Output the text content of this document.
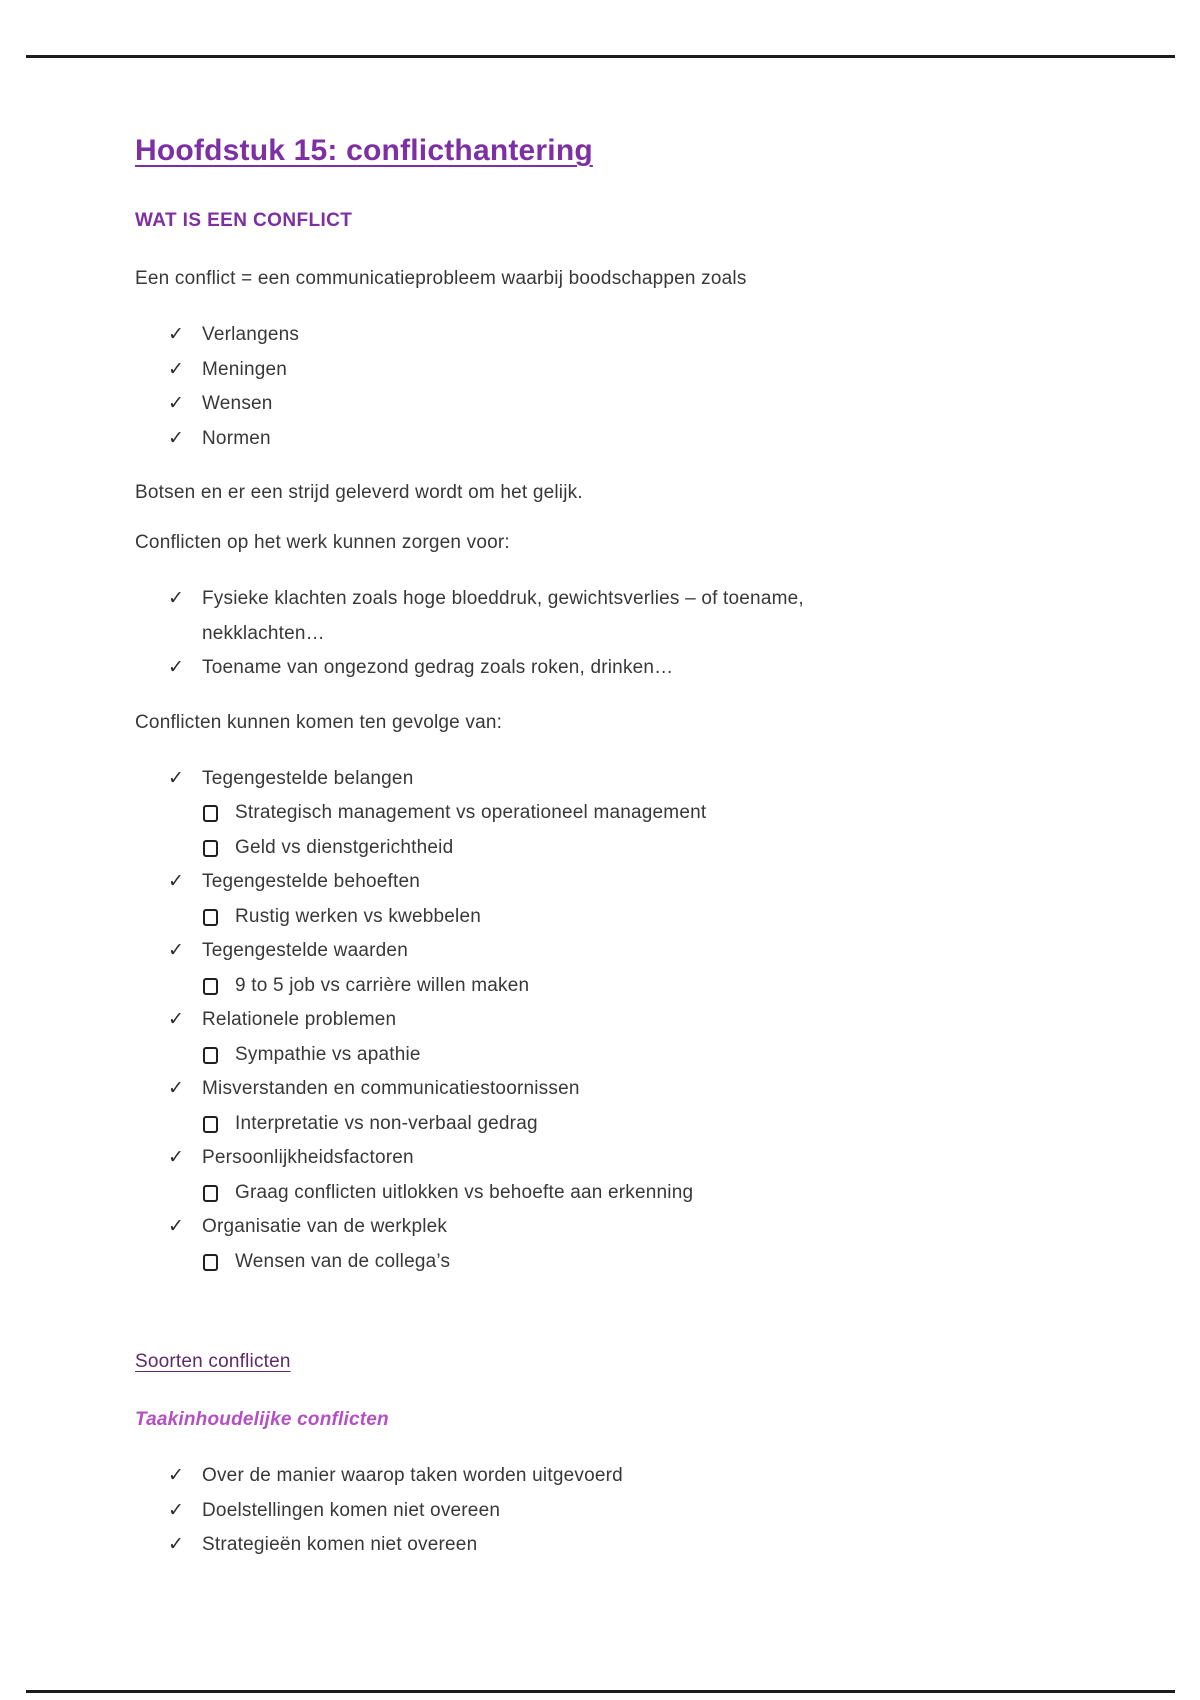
Hoofdstuk 15: conflicthantering
WAT IS EEN CONFLICT

Een conflict = een communicatieprobleem waarbij boodschappen zoals

✓ Verlangens
✓ Meningen
✓ Wensen
✓ Normen

Botsen en er een strijd geleverd wordt om het gelijk.

Conflicten op het werk kunnen zorgen voor:

✓ Fysieke klachten zoals hoge bloeddruk, gewichtsverlies – of toename, nekklachten…
✓ Toename van ongezond gedrag zoals roken, drinken…

Conflicten kunnen komen ten gevolge van:

✓ Tegengestelde belangen
Strategisch management vs operationeel management
Geld vs dienstgerichtheid
✓ Tegengestelde behoeften
Rustig werken vs kwebbelen
✓ Tegengestelde waarden
9 to 5 job vs carrière willen maken
✓ Relationele problemen
Sympathie vs apathie
✓ Misverstanden en communicatiestoornissen
Interpretatie vs non-verbaal gedrag
✓ Persoonlijkheidsfactoren
Graag conflicten uitlokken vs behoefte aan erkenning
✓ Organisatie van de werkplek
Wensen van de collega’s
Soorten conflicten
Taakinhoudelijke conflicten
✓ Over de manier waarop taken worden uitgevoerd
✓ Doelstellingen komen niet overeen
✓ Strategieën komen niet overeen
